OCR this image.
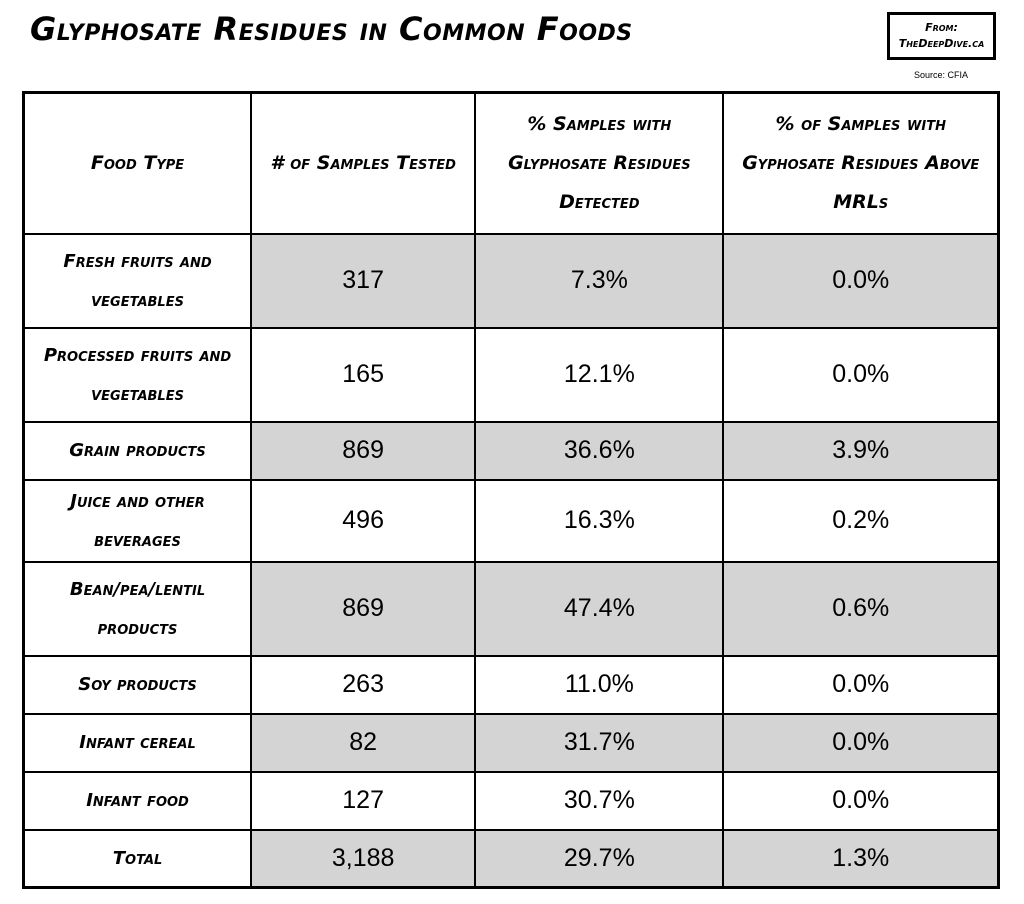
Glyphosate Residues in Common Foods	From:
TheDeepDive.ca
Source: CFIA
Food Type	# of Samples Tested	% Samples with Glyphosate Residues Detected	% of Samples with Gyphosate Residues Above MRLs
Fresh fruits and vegetables	317	7.3%	0.0%
Processed fruits and vegetables	165	12.1%	0.0%
Grain products	869	36.6%	3.9%
Juice and other beverages	496	16.3%	0.2%
Bean/pea/lentil products	869	47.4%	0.6%
Soy products	263	11.0%	0.0%
Infant cereal	82	31.7%	0.0%
Infant food	127	30.7%	0.0%
Total	3,188	29.7%	1.3%
